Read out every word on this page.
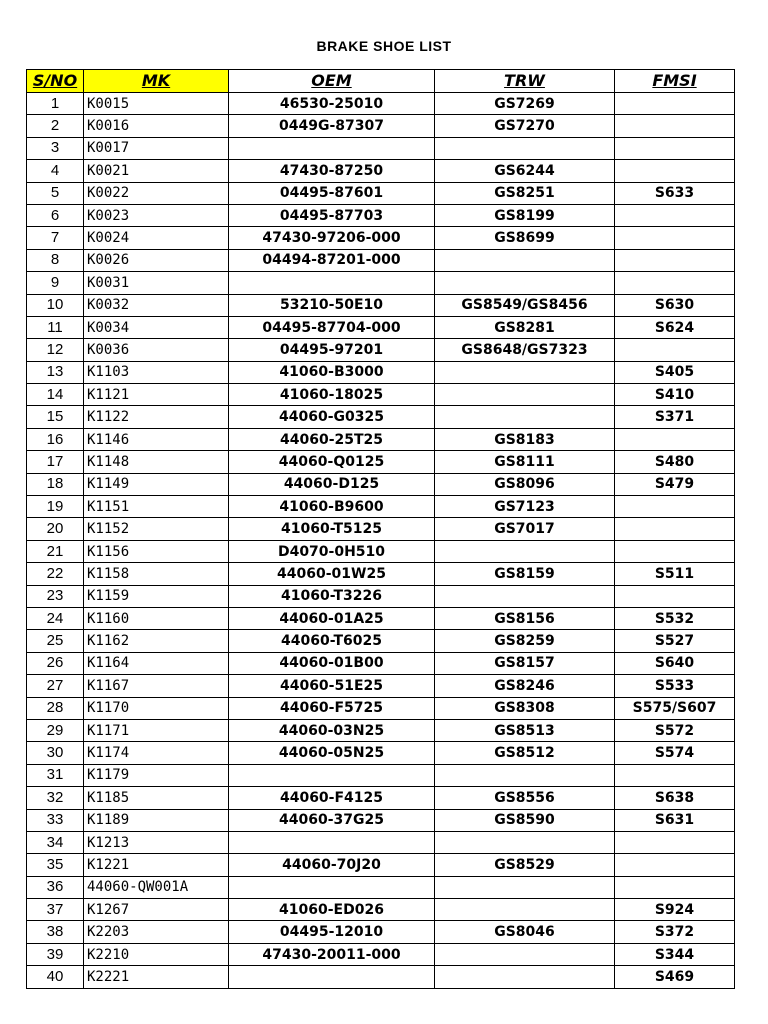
BRAKE SHOE LIST
S/NO	MK	OEM	TRW	FMSI
1	K0015	46530-25010	GS7269	
2	K0016	0449G-87307	GS7270	
3	K0017			
4	K0021	47430-87250	GS6244	
5	K0022	04495-87601	GS8251	S633
6	K0023	04495-87703	GS8199	
7	K0024	47430-97206-000	GS8699	
8	K0026	04494-87201-000		
9	K0031			
10	K0032	53210-50E10	GS8549/GS8456	S630
11	K0034	04495-87704-000	GS8281	S624
12	K0036	04495-97201	GS8648/GS7323	
13	K1103	41060-B3000		S405
14	K1121	41060-18025		S410
15	K1122	44060-G0325		S371
16	K1146	44060-25T25	GS8183	
17	K1148	44060-Q0125	GS8111	S480
18	K1149	44060-D125	GS8096	S479
19	K1151	41060-B9600	GS7123	
20	K1152	41060-T5125	GS7017	
21	K1156	D4070-0H510		
22	K1158	44060-01W25	GS8159	S511
23	K1159	41060-T3226		
24	K1160	44060-01A25	GS8156	S532
25	K1162	44060-T6025	GS8259	S527
26	K1164	44060-01B00	GS8157	S640
27	K1167	44060-51E25	GS8246	S533
28	K1170	44060-F5725	GS8308	S575/S607
29	K1171	44060-03N25	GS8513	S572
30	K1174	44060-05N25	GS8512	S574
31	K1179			
32	K1185	44060-F4125	GS8556	S638
33	K1189	44060-37G25	GS8590	S631
34	K1213			
35	K1221	44060-70J20	GS8529	
36	44060-QW001A			
37	K1267	41060-ED026		S924
38	K2203	04495-12010	GS8046	S372
39	K2210	47430-20011-000		S344
40	K2221			S469
